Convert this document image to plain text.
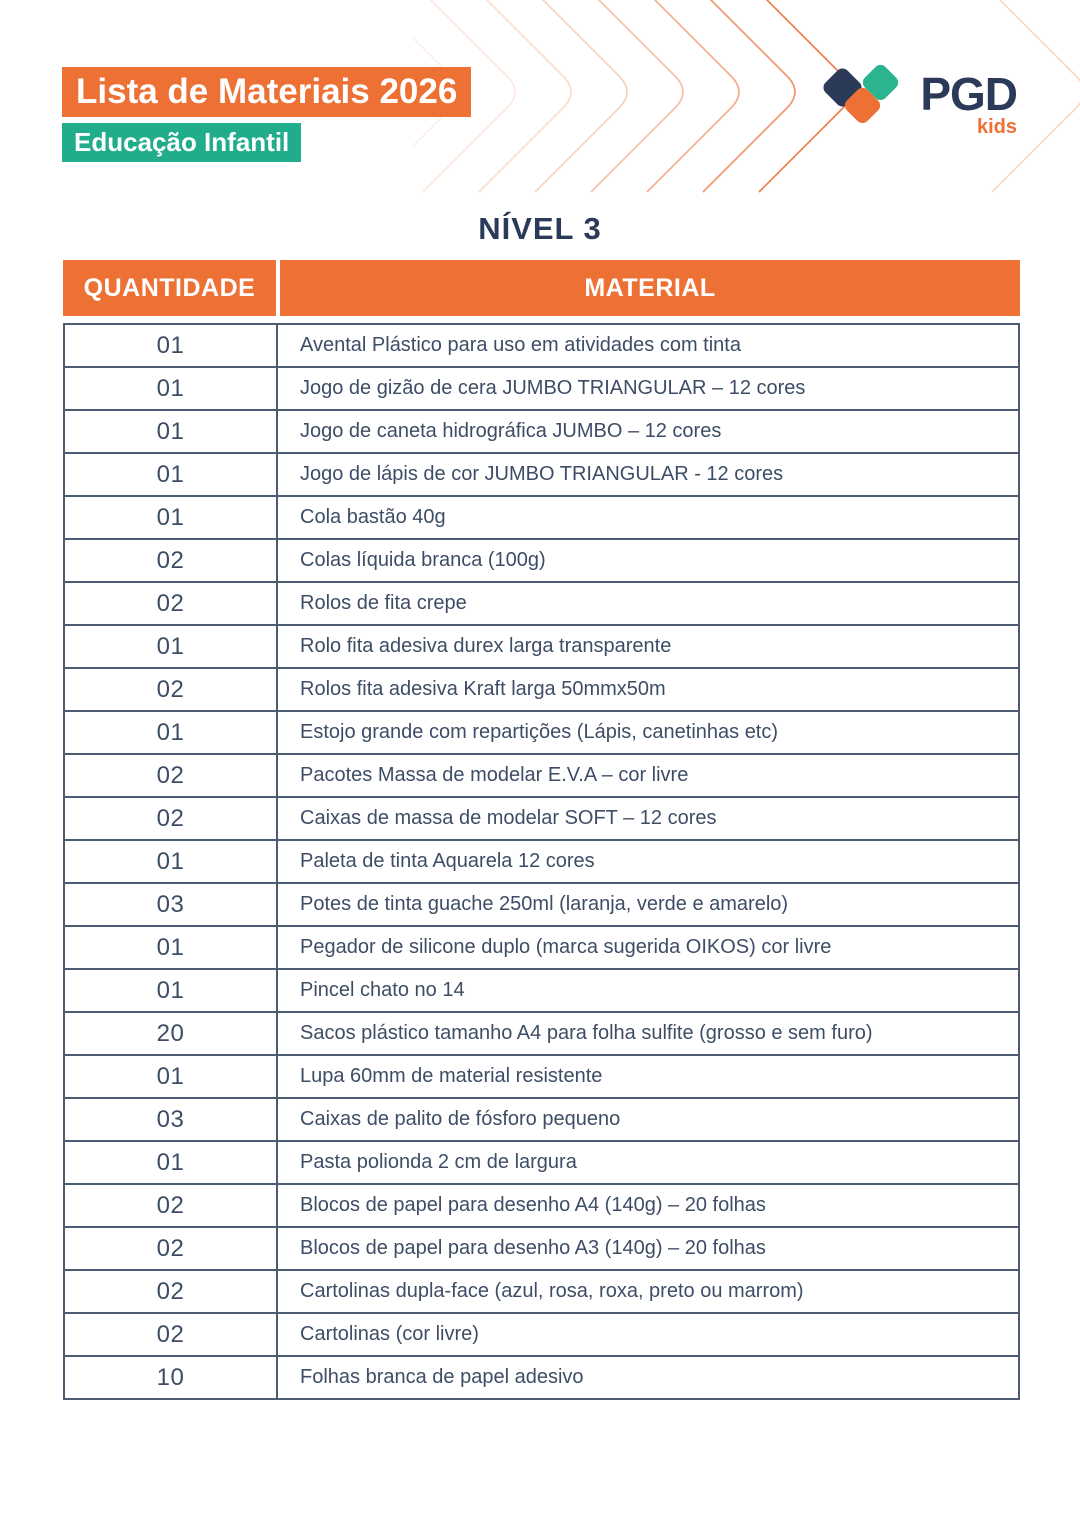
PGD
kids
Lista de Materiais 2026
Educação Infantil
NÍVEL 3
QUANTIDADE	MATERIAL
01	Avental Plástico para uso em atividades com tinta
01	Jogo de gizão de cera JUMBO TRIANGULAR – 12 cores
01	Jogo de caneta hidrográfica JUMBO – 12 cores
01	Jogo de lápis de cor JUMBO TRIANGULAR - 12 cores
01	Cola bastão 40g
02	Colas líquida branca (100g)
02	Rolos de fita crepe
01	Rolo fita adesiva durex larga transparente
02	Rolos fita adesiva Kraft larga 50mmx50m
01	Estojo grande com repartições (Lápis, canetinhas etc)
02	Pacotes Massa de modelar E.V.A – cor livre
02	Caixas de massa de modelar SOFT – 12 cores
01	Paleta de tinta Aquarela 12 cores
03	Potes de tinta guache 250ml (laranja, verde e amarelo)
01	Pegador de silicone duplo (marca sugerida OIKOS) cor livre
01	Pincel chato no 14
20	Sacos plástico tamanho A4 para folha sulfite (grosso e sem furo)
01	Lupa 60mm de material resistente
03	Caixas de palito de fósforo pequeno
01	Pasta polionda 2 cm de largura
02	Blocos de papel para desenho A4 (140g) – 20 folhas
02	Blocos de papel para desenho A3 (140g) – 20 folhas
02	Cartolinas dupla-face (azul, rosa, roxa, preto ou marrom)
02	Cartolinas (cor livre)
10	Folhas branca de papel adesivo
